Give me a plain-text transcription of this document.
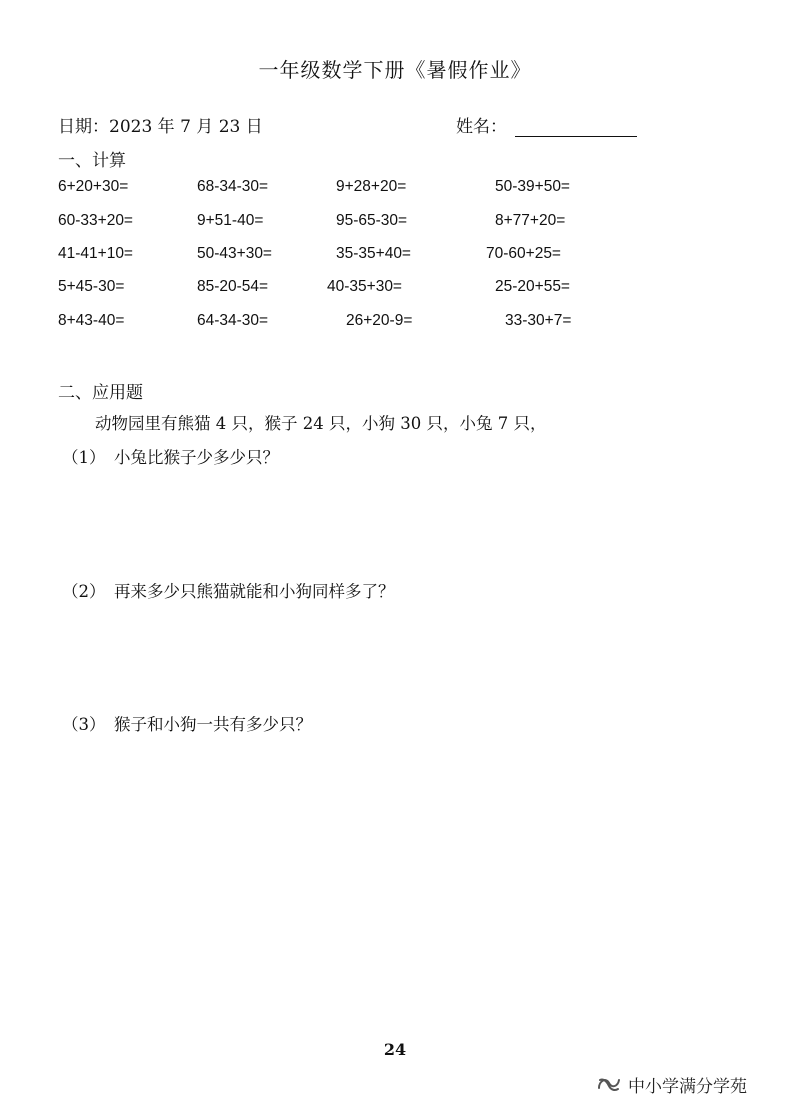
一年级数学下册《暑假作业》
日期：2023 年 7 月 23 日	姓名：
一、计算
6+20+30=	68-34-30=	9+28+20=	50-39+50=
60-33+20=	9+51-40=	95-65-30=	8+77+20=
41-41+10=	50-43+30=	35-35+40=	70-60+25=
5+45-30=	85-20-54=	40-35+30=	25-20+55=
8+43-40=	64-34-30=	26+20-9=	33-30+7=
二、应用题
动物园里有熊猫 4 只，猴子 24 只，小狗 30 只，小兔 7 只，
（1） 小兔比猴子少多少只？
（2） 再来多少只熊猫就能和小狗同样多了？
（3） 猴子和小狗一共有多少只？
24
中小学满分学苑
